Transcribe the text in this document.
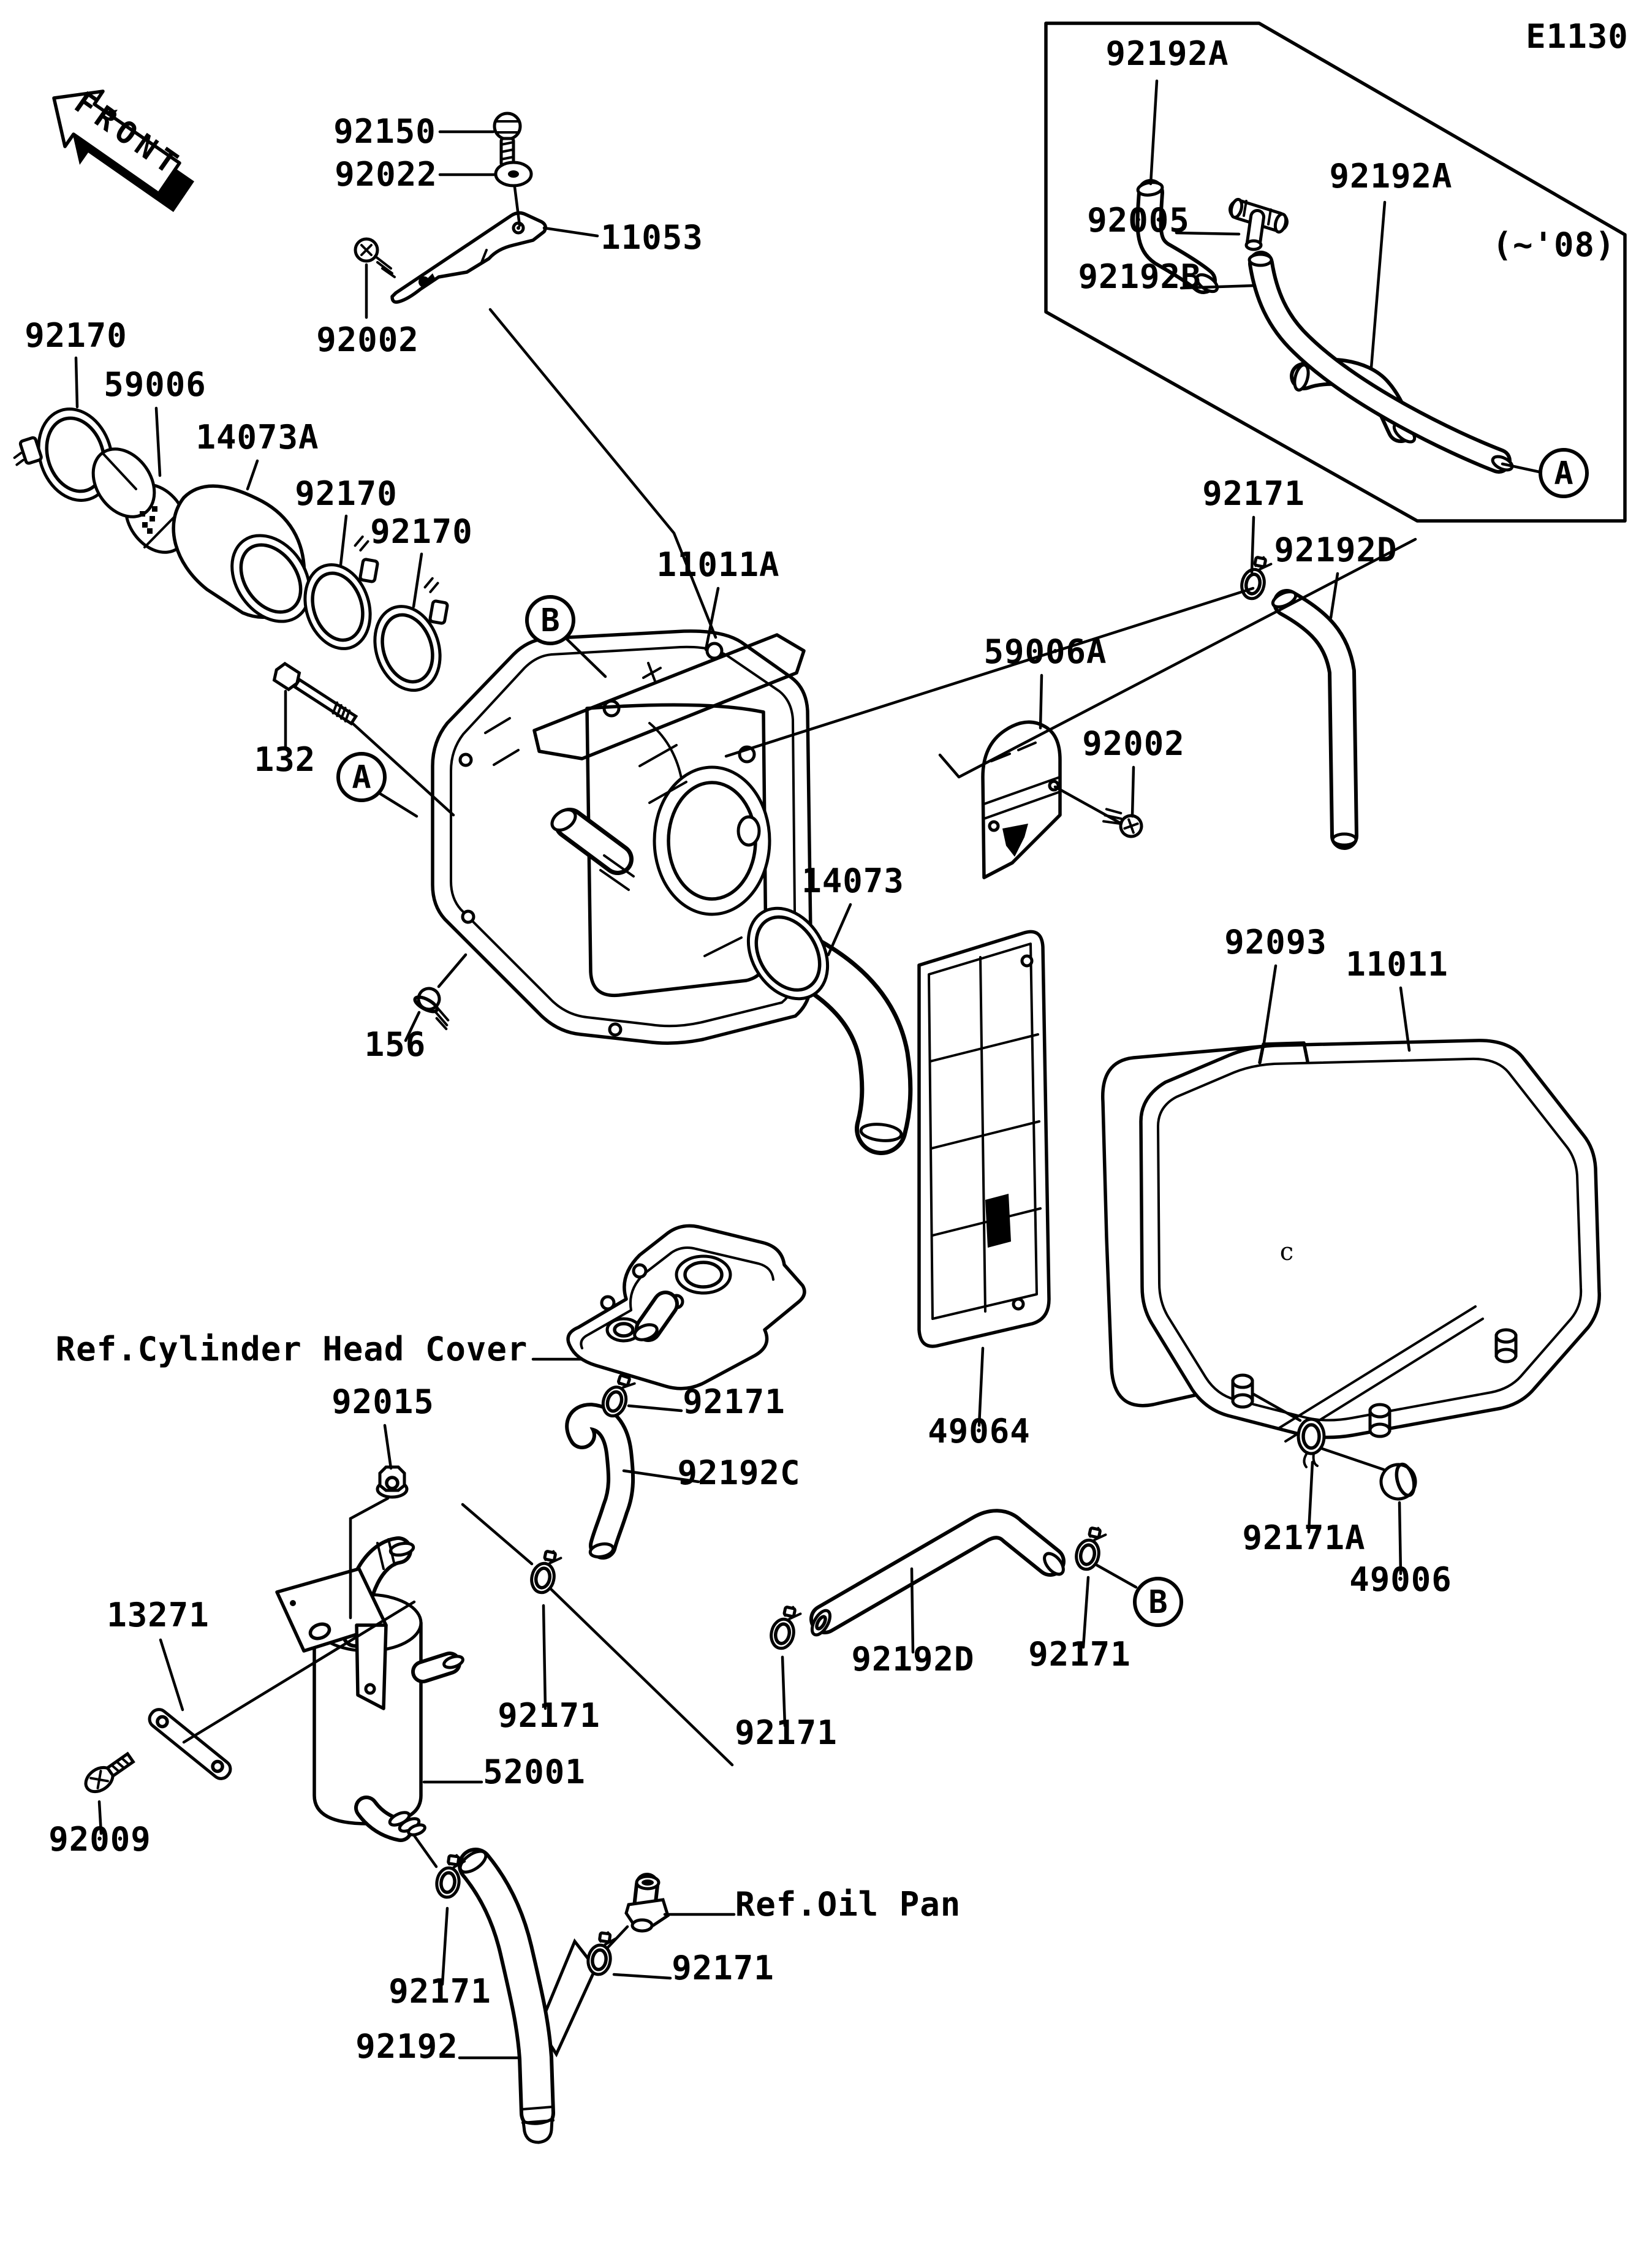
FRONT
c
E1130
92192A
92192A
92005
92192B
(~'08)
92150
92022
11053
92002
92170
59006
14073A
92170
92170
11011A
92171
92192D
59006A
92002
132
14073
156
92093
11011
49064
Ref.Cylinder Head Cover
92015	92171
92192C
13271
92171
52001
92192D 92171
92171
92171A
49006
92009
92171
Ref.Oil Pan
92171
92192
A
B
A
B
